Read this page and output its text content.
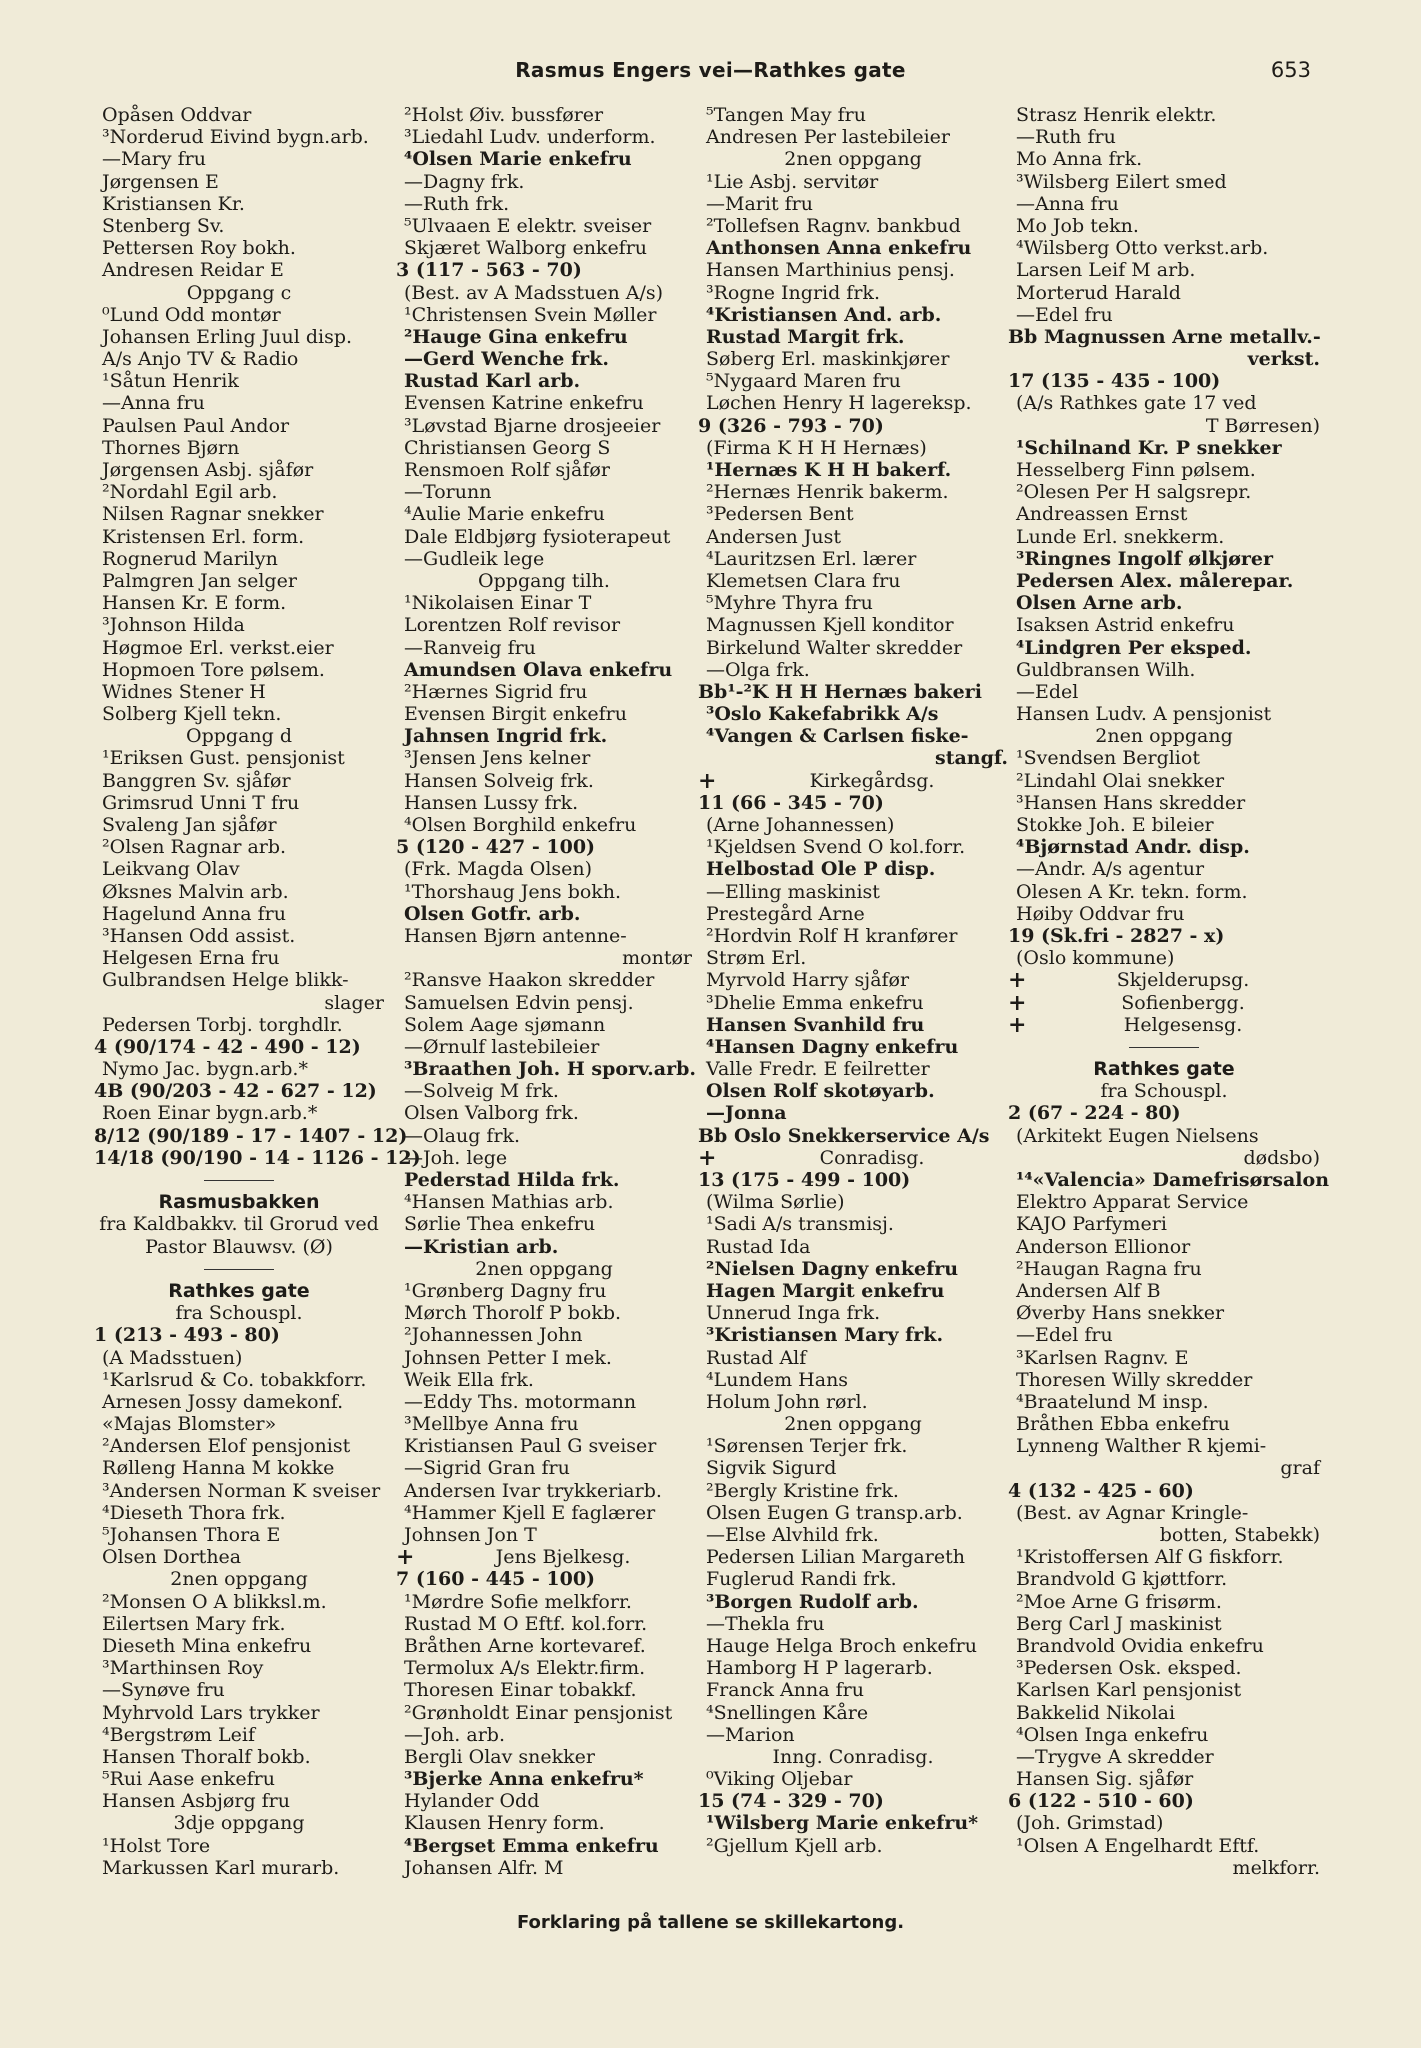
Rasmus Engers vei—Rathkes gate	653
Opåsen Oddvar
³Norderud Eivind bygn.arb.
—Mary fru
Jørgensen E
Kristiansen Kr.
Stenberg Sv.
Pettersen Roy bokh.
Andresen Reidar E
Oppgang c
⁰Lund Odd montør
Johansen Erling Juul disp.
A/s Anjo TV & Radio
¹Såtun Henrik
—Anna fru
Paulsen Paul Andor
Thornes Bjørn
Jørgensen Asbj. sjåfør
²Nordahl Egil arb.
Nilsen Ragnar snekker
Kristensen Erl. form.
Rognerud Marilyn
Palmgren Jan selger
Hansen Kr. E form.
³Johnson Hilda
Høgmoe Erl. verkst.eier
Hopmoen Tore pølsem.
Widnes Stener H
Solberg Kjell tekn.
Oppgang d
¹Eriksen Gust. pensjonist
Banggren Sv. sjåfør
Grimsrud Unni T fru
Svaleng Jan sjåfør
²Olsen Ragnar arb.
Leikvang Olav
Øksnes Malvin arb.
Hagelund Anna fru
³Hansen Odd assist.
Helgesen Erna fru
Gulbrandsen Helge blikk-
slager
Pedersen Torbj. torghdlr.
4 (90/174 - 42 - 490 - 12)
Nymo Jac. bygn.arb.*
4B (90/203 - 42 - 627 - 12)
Roen Einar bygn.arb.*
8/12 (90/189 - 17 - 1407 - 12)
14/18 (90/190 - 14 - 1126 - 12)
Rasmusbakken
fra Kaldbakkv. til Grorud ved
Pastor Blauwsv. (Ø)
Rathkes gate
fra Schouspl.
1 (213 - 493 - 80)
(A Madsstuen)
¹Karlsrud & Co. tobakkforr.
Arnesen Jossy damekonf.
«Majas Blomster»
²Andersen Elof pensjonist
Rølleng Hanna M kokke
³Andersen Norman K sveiser
⁴Dieseth Thora frk.
⁵Johansen Thora E
Olsen Dorthea
2nen oppgang
²Monsen O A blikksl.m.
Eilertsen Mary frk.
Dieseth Mina enkefru
³Marthinsen Roy
—Synøve fru
Myhrvold Lars trykker
⁴Bergstrøm Leif
Hansen Thoralf bokb.
⁵Rui Aase enkefru
Hansen Asbjørg fru
3dje oppgang
¹Holst Tore
Markussen Karl murarb.
²Holst Øiv. bussfører
³Liedahl Ludv. underform.
⁴Olsen Marie enkefru
—Dagny frk.
—Ruth frk.
⁵Ulvaaen E elektr. sveiser
Skjæret Walborg enkefru
3 (117 - 563 - 70)
(Best. av A Madsstuen A/s)
¹Christensen Svein Møller
²Hauge Gina enkefru
—Gerd Wenche frk.
Rustad Karl arb.
Evensen Katrine enkefru
³Løvstad Bjarne drosjeeier
Christiansen Georg S
Rensmoen Rolf sjåfør
—Torunn
⁴Aulie Marie enkefru
Dale Eldbjørg fysioterapeut
—Gudleik lege
Oppgang tilh.
¹Nikolaisen Einar T
Lorentzen Rolf revisor
—Ranveig fru
Amundsen Olava enkefru
²Hærnes Sigrid fru
Evensen Birgit enkefru
Jahnsen Ingrid frk.
³Jensen Jens kelner
Hansen Solveig frk.
Hansen Lussy frk.
⁴Olsen Borghild enkefru
5 (120 - 427 - 100)
(Frk. Magda Olsen)
¹Thorshaug Jens bokh.
Olsen Gotfr. arb.
Hansen Bjørn antenne-
montør
²Ransve Haakon skredder
Samuelsen Edvin pensj.
Solem Aage sjømann
—Ørnulf lastebileier
³Braathen Joh. H sporv.arb.
—Solveig M frk.
Olsen Valborg frk.
—Olaug frk.
—Joh. lege
Pederstad Hilda frk.
⁴Hansen Mathias arb.
Sørlie Thea enkefru
—Kristian arb.
2nen oppgang
¹Grønberg Dagny fru
Mørch Thorolf P bokb.
²Johannessen John
Johnsen Petter I mek.
Weik Ella frk.
—Eddy Ths. motormann
³Mellbye Anna fru
Kristiansen Paul G sveiser
—Sigrid Gran fru
Andersen Ivar trykkeriarb.
⁴Hammer Kjell E faglærer
Johnsen Jon T
+	Jens Bjelkesg.
7 (160 - 445 - 100)
¹Mørdre Sofie melkforr.
Rustad M O Eftf. kol.forr.
Bråthen Arne kortevaref.
Termolux A/s Elektr.firm.
Thoresen Einar tobakkf.
²Grønholdt Einar pensjonist
—Joh. arb.
Bergli Olav snekker
³Bjerke Anna enkefru*
Hylander Odd
Klausen Henry form.
⁴Bergset Emma enkefru
Johansen Alfr. M
⁵Tangen May fru
Andresen Per lastebileier
2nen oppgang
¹Lie Asbj. servitør
—Marit fru
²Tollefsen Ragnv. bankbud
Anthonsen Anna enkefru
Hansen Marthinius pensj.
³Rogne Ingrid frk.
⁴Kristiansen And. arb.
Rustad Margit frk.
Søberg Erl. maskinkjører
⁵Nygaard Maren fru
Løchen Henry H lagereksp.
9 (326 - 793 - 70)
(Firma K H H Hernæs)
¹Hernæs K H H bakerf.
²Hernæs Henrik bakerm.
³Pedersen Bent
Andersen Just
⁴Lauritzsen Erl. lærer
Klemetsen Clara fru
⁵Myhre Thyra fru
Magnussen Kjell konditor
Birkelund Walter skredder
—Olga frk.
Bb¹-²K H H Hernæs bakeri
³Oslo Kakefabrikk A/s
⁴Vangen & Carlsen fiske-
stangf.
+	Kirkegårdsg.
11 (66 - 345 - 70)
(Arne Johannessen)
¹Kjeldsen Svend O kol.forr.
Helbostad Ole P disp.
—Elling maskinist
Prestegård Arne
²Hordvin Rolf H kranfører
Strøm Erl.
Myrvold Harry sjåfør
³Dhelie Emma enkefru
Hansen Svanhild fru
⁴Hansen Dagny enkefru
Valle Fredr. E feilretter
Olsen Rolf skotøyarb.
—Jonna
Bb Oslo Snekkerservice A/s
+	Conradisg.
13 (175 - 499 - 100)
(Wilma Sørlie)
¹Sadi A/s transmisj.
Rustad Ida
²Nielsen Dagny enkefru
Hagen Margit enkefru
Unnerud Inga frk.
³Kristiansen Mary frk.
Rustad Alf
⁴Lundem Hans
Holum John rørl.
2nen oppgang
¹Sørensen Terjer frk.
Sigvik Sigurd
²Bergly Kristine frk.
Olsen Eugen G transp.arb.
—Else Alvhild frk.
Pedersen Lilian Margareth
Fuglerud Randi frk.
³Borgen Rudolf arb.
—Thekla fru
Hauge Helga Broch enkefru
Hamborg H P lagerarb.
Franck Anna fru
⁴Snellingen Kåre
—Marion
Inng. Conradisg.
⁰Viking Oljebar
15 (74 - 329 - 70)
¹Wilsberg Marie enkefru*
²Gjellum Kjell arb.
Strasz Henrik elektr.
—Ruth fru
Mo Anna frk.
³Wilsberg Eilert smed
—Anna fru
Mo Job tekn.
⁴Wilsberg Otto verkst.arb.
Larsen Leif M arb.
Morterud Harald
—Edel fru
Bb Magnussen Arne metallv.-
verkst.
17 (135 - 435 - 100)
(A/s Rathkes gate 17 ved
T Børresen)
¹Schilnand Kr. P snekker
Hesselberg Finn pølsem.
²Olesen Per H salgsrepr.
Andreassen Ernst
Lunde Erl. snekkerm.
³Ringnes Ingolf ølkjører
Pedersen Alex. målerepar.
Olsen Arne arb.
Isaksen Astrid enkefru
⁴Lindgren Per eksped.
Guldbransen Wilh.
—Edel
Hansen Ludv. A pensjonist
2nen oppgang
¹Svendsen Bergliot
²Lindahl Olai snekker
³Hansen Hans skredder
Stokke Joh. E bileier
⁴Bjørnstad Andr. disp.
—Andr. A/s agentur
Olesen A Kr. tekn. form.
Høiby Oddvar fru
19 (Sk.fri - 2827 - x)
(Oslo kommune)
+	Skjelderupsg.
+	Sofienbergg.
+	Helgesensg.
Rathkes gate
fra Schouspl.
2 (67 - 224 - 80)
(Arkitekt Eugen Nielsens
dødsbo)
¹⁴«Valencia» Damefrisørsalon
Elektro Apparat Service
KAJO Parfymeri
Anderson Ellionor
²Haugan Ragna fru
Andersen Alf B
Øverby Hans snekker
—Edel fru
³Karlsen Ragnv. E
Thoresen Willy skredder
⁴Braatelund M insp.
Bråthen Ebba enkefru
Lynneng Walther R kjemi-
graf
4 (132 - 425 - 60)
(Best. av Agnar Kringle-
botten, Stabekk)
¹Kristoffersen Alf G fiskforr.
Brandvold G kjøttforr.
²Moe Arne G frisørm.
Berg Carl J maskinist
Brandvold Ovidia enkefru
³Pedersen Osk. eksped.
Karlsen Karl pensjonist
Bakkelid Nikolai
⁴Olsen Inga enkefru
—Trygve A skredder
Hansen Sig. sjåfør
6 (122 - 510 - 60)
(Joh. Grimstad)
¹Olsen A Engelhardt Eftf.
melkforr.
Forklaring på tallene se skillekartong.
